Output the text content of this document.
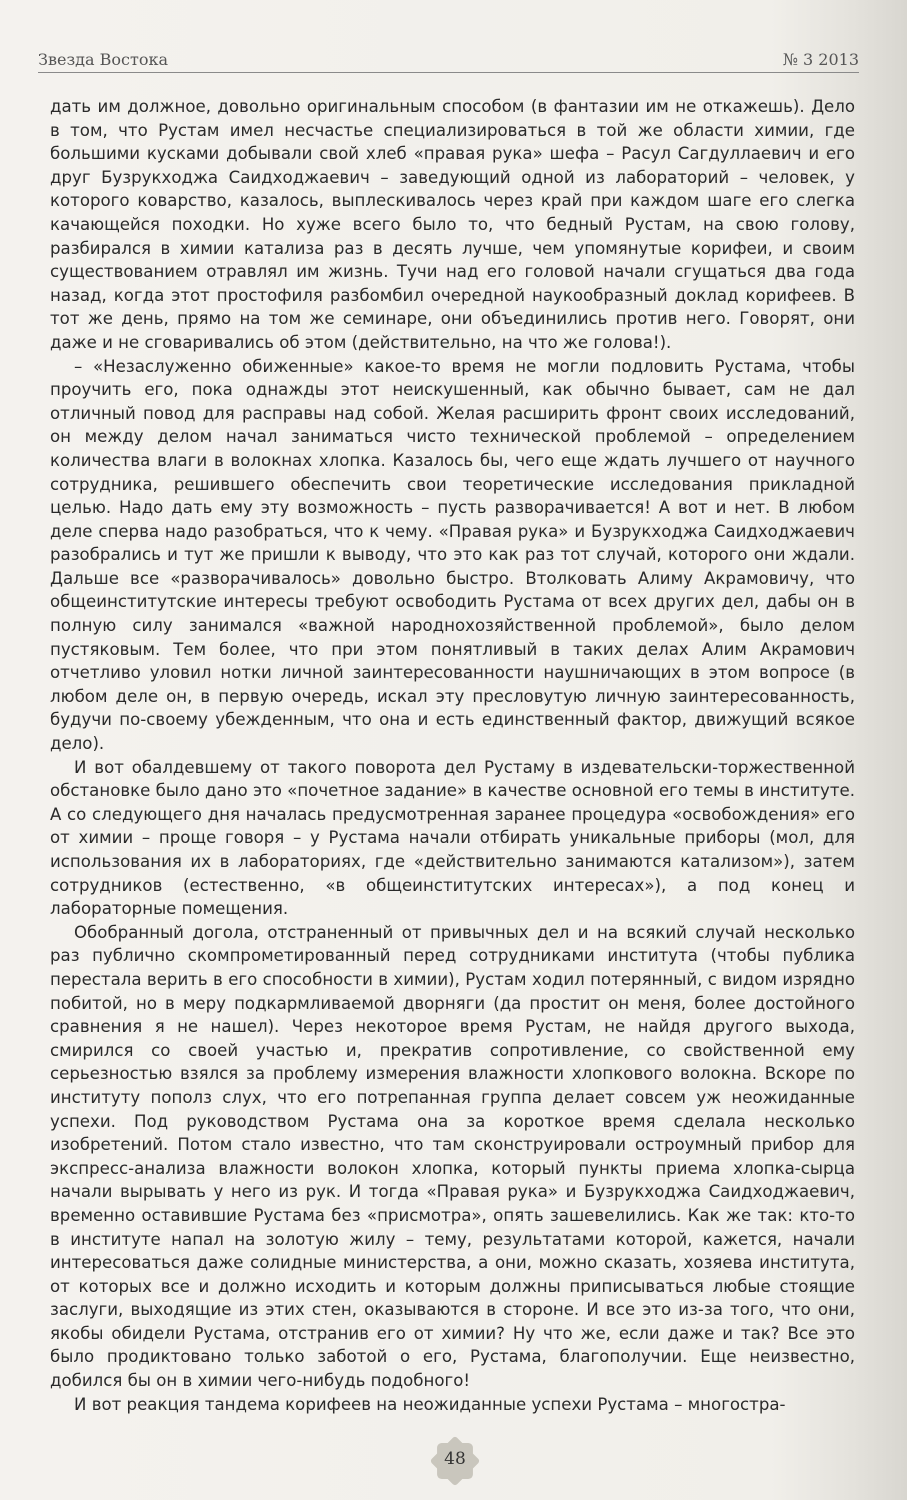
Звезда Востока	№ 3 2013

дать им должное, довольно оригинальным способом (в фантазии им не откажешь). Дело в том, что Рустам имел несчастье специализироваться в той же области химии, где большими кусками добывали свой хлеб «правая рука» шефа – Расул Сагдуллаевич и его друг Бузрукходжа Саидходжаевич – заведующий одной из лабораторий – человек, у которого коварство, казалось, выплескивалось через край при каждом шаге его слегка качающейся походки. Но хуже всего было то, что бедный Рустам, на свою голову, разбирался в химии катализа раз в десять лучше, чем упомянутые корифеи, и своим существованием отравлял им жизнь. Тучи над его головой начали сгущаться два года назад, когда этот простофиля разбомбил очередной наукообразный доклад корифеев. В тот же день, прямо на том же семинаре, они объединились против него. Говорят, они даже и не сговаривались об этом (действительно, на что же голова!).

– «Незаслуженно обиженные» какое-то время не могли подловить Рустама, чтобы проучить его, пока однажды этот неискушенный, как обычно бывает, сам не дал отличный повод для расправы над собой. Желая расширить фронт своих исследований, он между делом начал заниматься чисто технической проблемой – определением количества влаги в волокнах хлопка. Казалось бы, чего еще ждать лучшего от научного сотрудника, решившего обеспечить свои теоретические исследования прикладной целью. Надо дать ему эту возможность – пусть разворачивается! А вот и нет. В любом деле сперва надо разобраться, что к чему. «Правая рука» и Бузрукходжа Саидходжаевич разобрались и тут же пришли к выводу, что это как раз тот случай, которого они ждали. Дальше все «разворачивалось» довольно быстро. Втолковать Алиму Акрамовичу, что общеинститутские интересы требуют освободить Рустама от всех других дел, дабы он в полную силу занимался «важной народнохозяйственной проблемой», было делом пустяковым. Тем более, что при этом понятливый в таких делах Алим Акрамович отчетливо уловил нотки личной заинтересованности наушничающих в этом вопросе (в любом деле он, в первую очередь, искал эту пресловутую личную заинтересованность, будучи по-своему убежденным, что она и есть единственный фактор, движущий всякое дело).

И вот обалдевшему от такого поворота дел Рустаму в издевательски-торжественной обстановке было дано это «почетное задание» в качестве основной его темы в институте. А со следующего дня началась предусмотренная заранее процедура «освобождения» его от химии – проще говоря – у Рустама начали отбирать уникальные приборы (мол, для использования их в лабораториях, где «действительно занимаются катализом»), затем сотрудников (естественно, «в общеинститутских интересах»), а под конец и лабораторные помещения.

Обобранный догола, отстраненный от привычных дел и на всякий случай несколько раз публично скомпрометированный перед сотрудниками института (чтобы публика перестала верить в его способности в химии), Рустам ходил потерянный, с видом изрядно побитой, но в меру подкармливаемой дворняги (да простит он меня, более достойного сравнения я не нашел). Через некоторое время Рустам, не найдя другого выхода, смирился со своей участью и, прекратив сопротивление, со свойственной ему серьезностью взялся за проблему измерения влажности хлопкового волокна. Вскоре по институту пополз слух, что его потрепанная группа делает совсем уж неожиданные успехи. Под руководством Рустама она за короткое время сделала несколько изобретений. Потом стало известно, что там сконструировали остроумный прибор для экспресс-анализа влажности волокон хлопка, который пункты приема хлопка-сырца начали вырывать у него из рук. И тогда «Правая рука» и Бузрукходжа Саидходжаевич, временно оставившие Рустама без «присмотра», опять зашевелились. Как же так: кто-то в институте напал на золотую жилу – тему, результатами которой, кажется, начали интересоваться даже солидные министерства, а они, можно сказать, хозяева института, от которых все и должно исходить и которым должны приписываться любые стоящие заслуги, выходящие из этих стен, оказываются в стороне. И все это из-за того, что они, якобы обидели Рустама, отстранив его от химии? Ну что же, если даже и так? Все это было продиктовано только заботой о его, Рустама, благополучии. Еще неизвестно, добился бы он в химии чего-нибудь подобного!

И вот реакция тандема корифеев на неожиданные успехи Рустама – многостра-

48
